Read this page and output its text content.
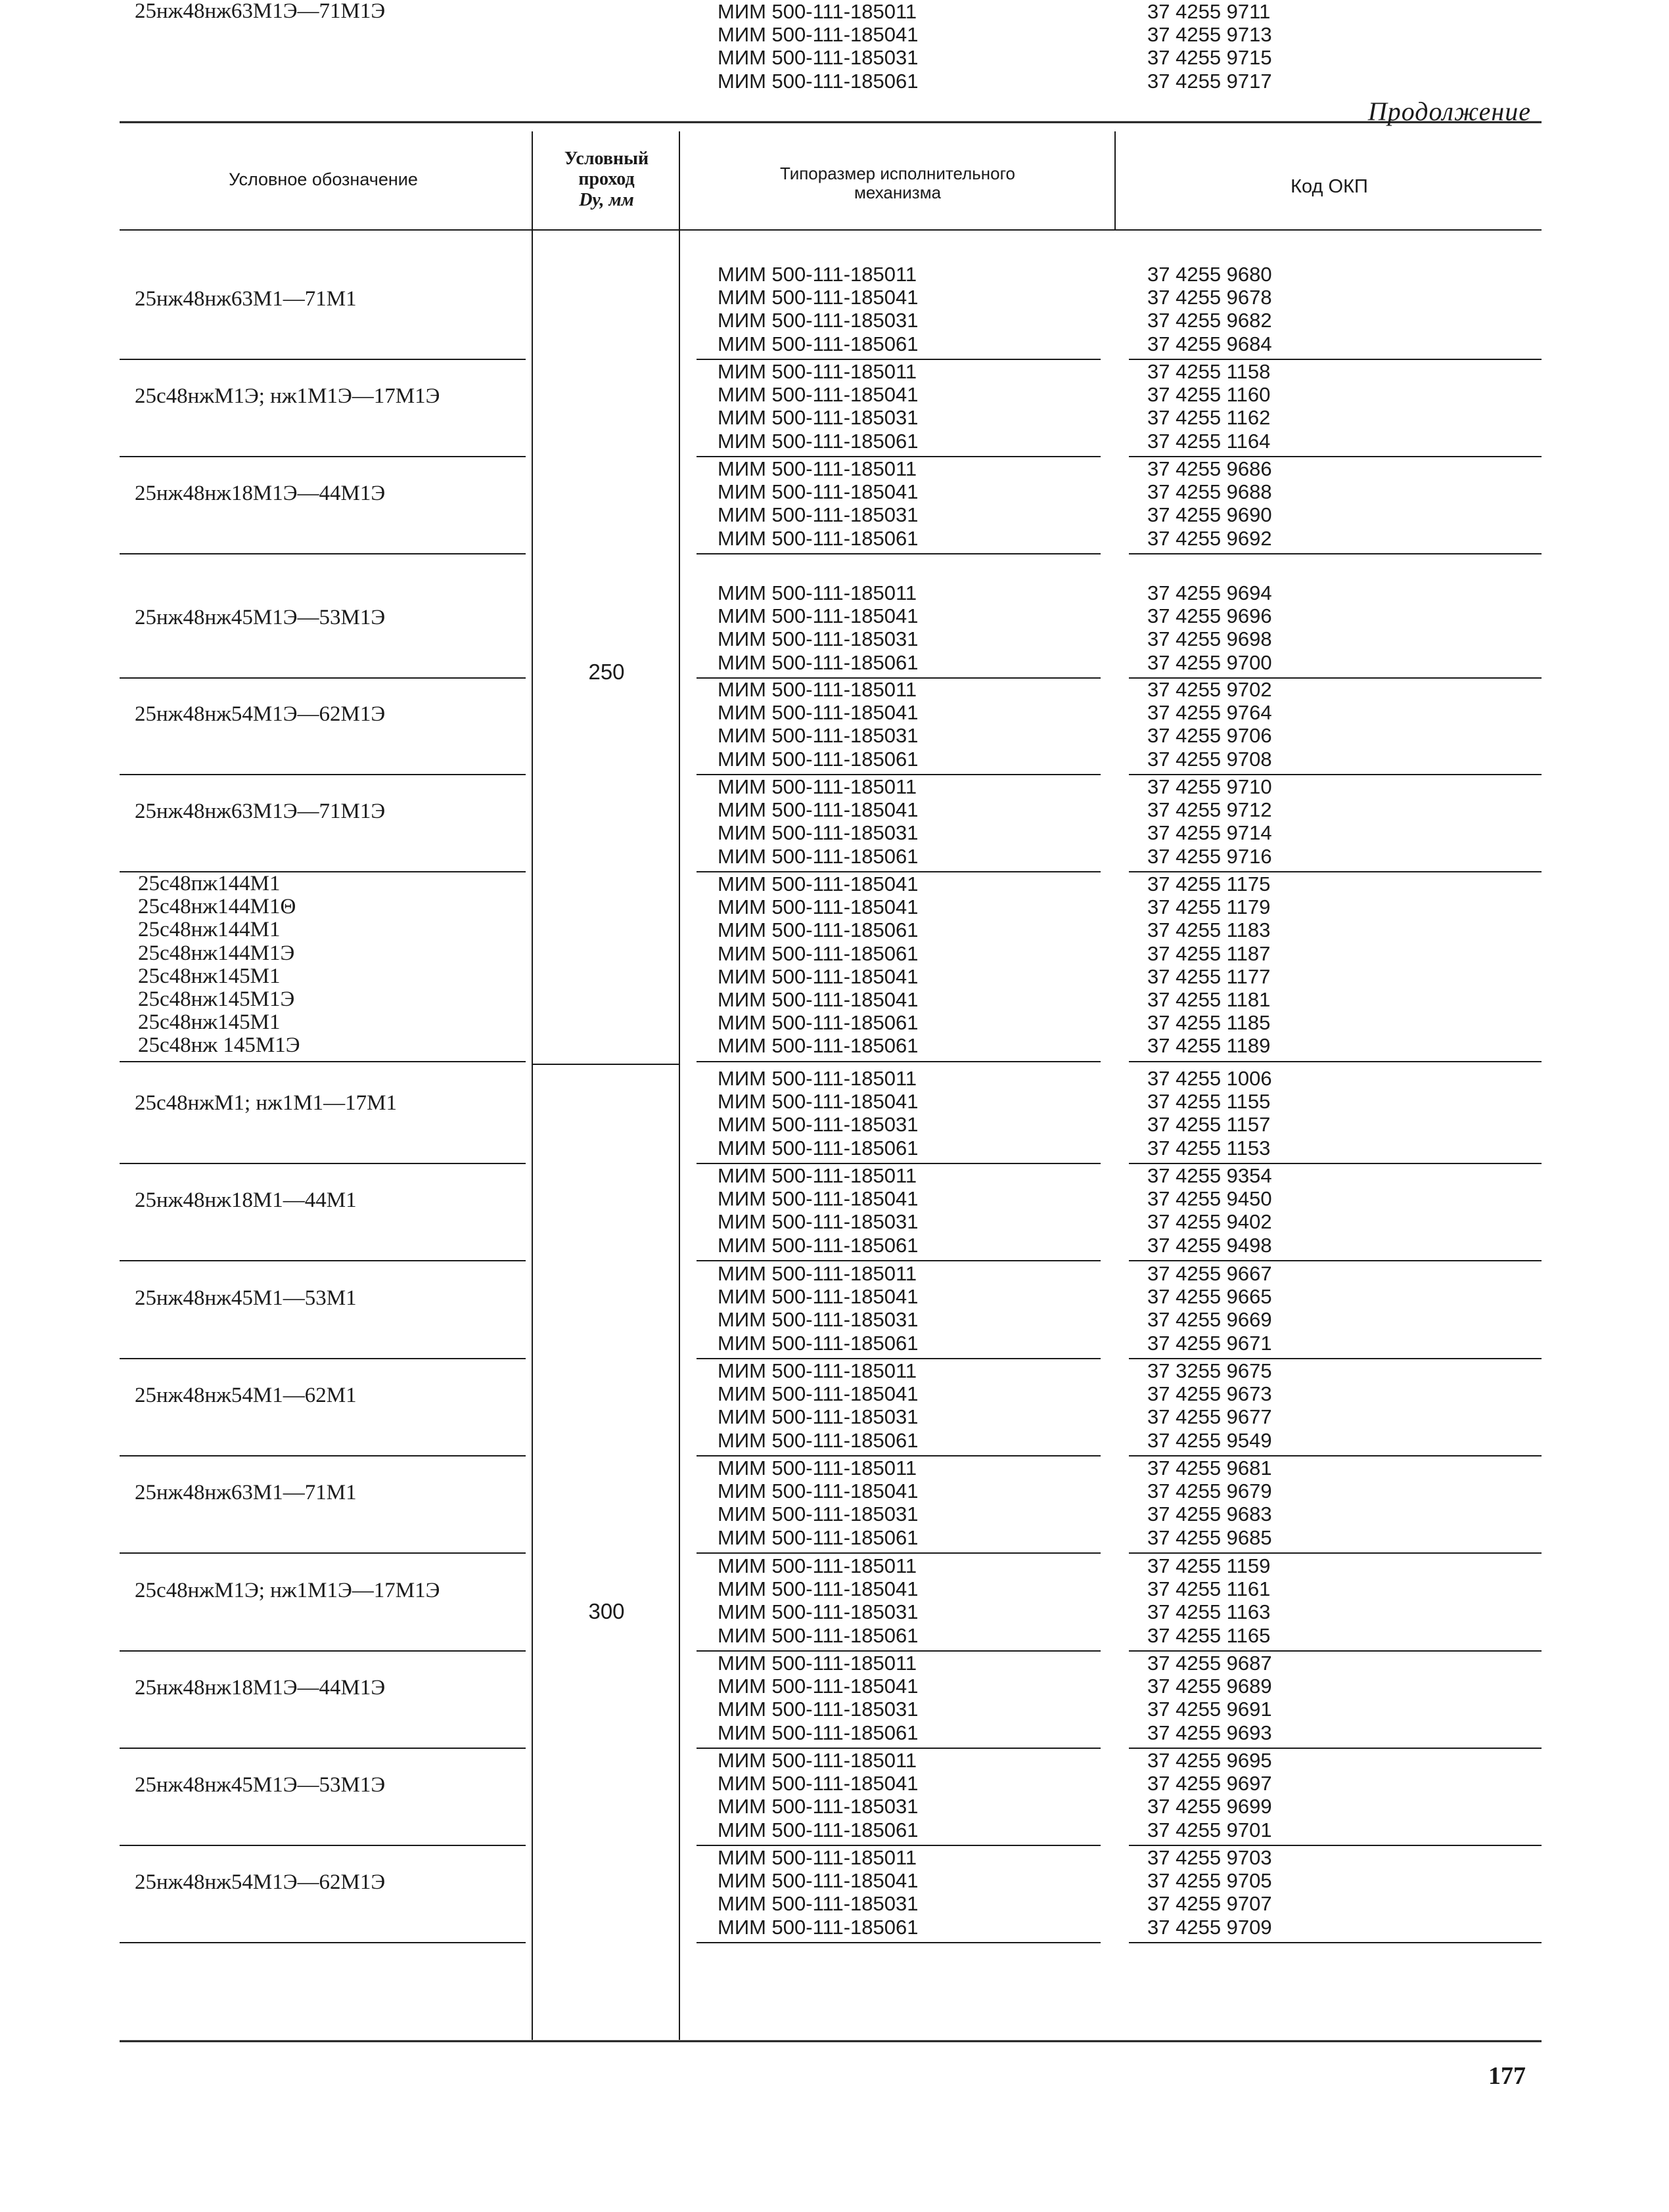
Продолжение
Условное обозначение
Условный
проход
Dу, мм
Типоразмер исполнительного
механизма	Код ОКП
25нж48нж63М1—71М1
МИМ 500-111-185011
МИМ 500-111-185041
МИМ 500-111-185031
МИМ 500-111-185061
37 4255 9680
37 4255 9678
37 4255 9682
37 4255 9684
25с48нжМ1Э; нж1М1Э—17М1Э
МИМ 500-111-185011
МИМ 500-111-185041
МИМ 500-111-185031
МИМ 500-111-185061
37 4255 1158
37 4255 1160
37 4255 1162
37 4255 1164
25нж48нж18М1Э—44М1Э
МИМ 500-111-185011
МИМ 500-111-185041
МИМ 500-111-185031
МИМ 500-111-185061
37 4255 9686
37 4255 9688
37 4255 9690
37 4255 9692
25нж48нж45М1Э—53М1Э
МИМ 500-111-185011
МИМ 500-111-185041
МИМ 500-111-185031
МИМ 500-111-185061
37 4255 9694
37 4255 9696
37 4255 9698
37 4255 9700
25нж48нж54М1Э—62М1Э
МИМ 500-111-185011
МИМ 500-111-185041
МИМ 500-111-185031
МИМ 500-111-185061
37 4255 9702
37 4255 9764
37 4255 9706
37 4255 9708
25нж48нж63М1Э—71М1Э
МИМ 500-111-185011
МИМ 500-111-185041
МИМ 500-111-185031
МИМ 500-111-185061
37 4255 9710
37 4255 9712
37 4255 9714
37 4255 9716
25с48пж144М1
25с48нж144М1Θ
25с48нж144М1
25с48нж144М1Э
25с48нж145М1
25с48нж145М1Э
25с48нж145М1
25с48нж 145М1Э
МИМ 500-111-185041
МИМ 500-111-185041
МИМ 500-111-185061
МИМ 500-111-185061
МИМ 500-111-185041
МИМ 500-111-185041
МИМ 500-111-185061
МИМ 500-111-185061
37 4255 1175
37 4255 1179
37 4255 1183
37 4255 1187
37 4255 1177
37 4255 1181
37 4255 1185
37 4255 1189
25с48нжМ1; нж1М1—17М1
МИМ 500-111-185011
МИМ 500-111-185041
МИМ 500-111-185031
МИМ 500-111-185061
37 4255 1006
37 4255 1155
37 4255 1157
37 4255 1153
25нж48нж18М1—44М1
МИМ 500-111-185011
МИМ 500-111-185041
МИМ 500-111-185031
МИМ 500-111-185061
37 4255 9354
37 4255 9450
37 4255 9402
37 4255 9498
25нж48нж45М1—53М1
МИМ 500-111-185011
МИМ 500-111-185041
МИМ 500-111-185031
МИМ 500-111-185061
37 4255 9667
37 4255 9665
37 4255 9669
37 4255 9671
25нж48нж54М1—62М1
МИМ 500-111-185011
МИМ 500-111-185041
МИМ 500-111-185031
МИМ 500-111-185061
37 3255 9675
37 4255 9673
37 4255 9677
37 4255 9549
25нж48нж63М1—71М1
МИМ 500-111-185011
МИМ 500-111-185041
МИМ 500-111-185031
МИМ 500-111-185061
37 4255 9681
37 4255 9679
37 4255 9683
37 4255 9685
25с48нжМ1Э; нж1М1Э—17М1Э
МИМ 500-111-185011
МИМ 500-111-185041
МИМ 500-111-185031
МИМ 500-111-185061
37 4255 1159
37 4255 1161
37 4255 1163
37 4255 1165
25нж48нж18М1Э—44М1Э
МИМ 500-111-185011
МИМ 500-111-185041
МИМ 500-111-185031
МИМ 500-111-185061
37 4255 9687
37 4255 9689
37 4255 9691
37 4255 9693
25нж48нж45М1Э—53М1Э
МИМ 500-111-185011
МИМ 500-111-185041
МИМ 500-111-185031
МИМ 500-111-185061
37 4255 9695
37 4255 9697
37 4255 9699
37 4255 9701
25нж48нж54М1Э—62М1Э
МИМ 500-111-185011
МИМ 500-111-185041
МИМ 500-111-185031
МИМ 500-111-185061
37 4255 9703
37 4255 9705
37 4255 9707
37 4255 9709
25нж48нж63М1Э—71М1Э	МИМ 500-111-185011
МИМ 500-111-185041
МИМ 500-111-185031
МИМ 500-111-185061
37 4255 9711
37 4255 9713
37 4255 9715
37 4255 9717
250
300
177
